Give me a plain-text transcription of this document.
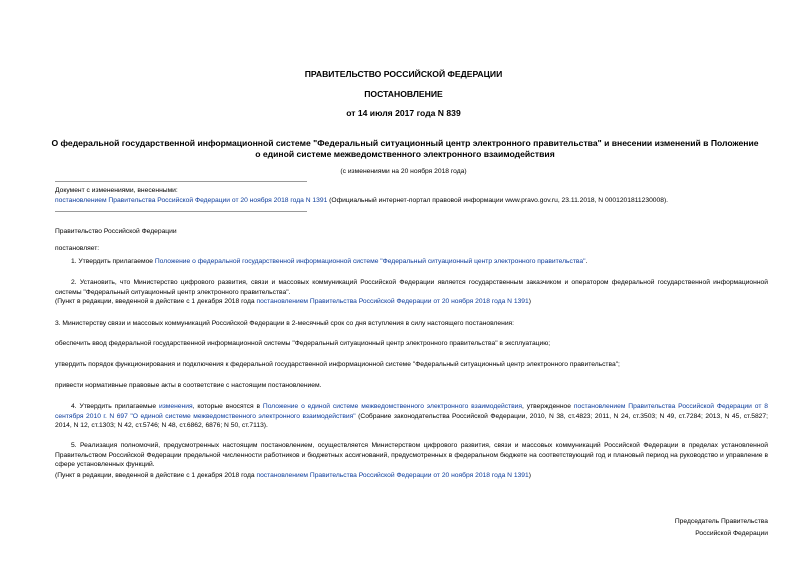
ПРАВИТЕЛЬСТВО РОССИЙСКОЙ ФЕДЕРАЦИИ
ПОСТАНОВЛЕНИЕ
от 14 июля 2017 года N 839
О федеральной государственной информационной системе "Федеральный ситуационный центр электронного правительства" и внесении изменений в Положение
о единой системе межведомственного электронного взаимодействия
(с изменениями на 20 ноября 2018 года)
Документ с изменениями, внесенными:
постановлением Правительства Российской Федерации от 20 ноября 2018 года N 1391 (Официальный интернет-портал правовой информации www.pravo.gov.ru, 23.11.2018, N 0001201811230008).
Правительство Российской Федерации
постановляет:
1. Утвердить прилагаемое Положение о федеральной государственной информационной системе "Федеральный ситуационный центр электронного правительства".
2. Установить, что Министерство цифрового развития, связи и массовых коммуникаций Российской Федерации является государственным заказчиком и оператором федеральной государственной информационной системы "Федеральный ситуационный центр электронного правительства".
(Пункт в редакции, введенной в действие с 1 декабря 2018 года постановлением Правительства Российской Федерации от 20 ноября 2018 года N 1391)
3. Министерству связи и массовых коммуникаций Российской Федерации в 2-месячный срок со дня вступления в силу настоящего постановления:
обеспечить ввод федеральной государственной информационной системы "Федеральный ситуационный центр электронного правительства" в эксплуатацию;
утвердить порядок функционирования и подключения к федеральной государственной информационной системе "Федеральный ситуационный центр электронного правительства";
привести нормативные правовые акты в соответствие с настоящим постановлением.
4. Утвердить прилагаемые изменения, которые вносятся в Положение о единой системе межведомственного электронного взаимодействия, утвержденное постановлением Правительства Российской Федерации от 8 сентября 2010 г. N 697 "О единой системе межведомственного электронного взаимодействия" (Собрание законодательства Российской Федерации, 2010, N 38, ст.4823; 2011, N 24, ст.3503; N 49, ст.7284; 2013, N 45, ст.5827; 2014, N 12, ст.1303; N 42, ст.5746; N 48, ст.6862, 6876; N 50, ст.7113).
5. Реализация полномочий, предусмотренных настоящим постановлением, осуществляется Министерством цифрового развития, связи и массовых коммуникаций Российской Федерации в пределах установленной Правительством Российской Федерации предельной численности работников и бюджетных ассигнований, предусмотренных в федеральном бюджете на соответствующий год и плановый период на руководство и управление в сфере установленных функций.
(Пункт в редакции, введенной в действие с 1 декабря 2018 года постановлением Правительства Российской Федерации от 20 ноября 2018 года N 1391)
Председатель Правительства
Российской Федерации
